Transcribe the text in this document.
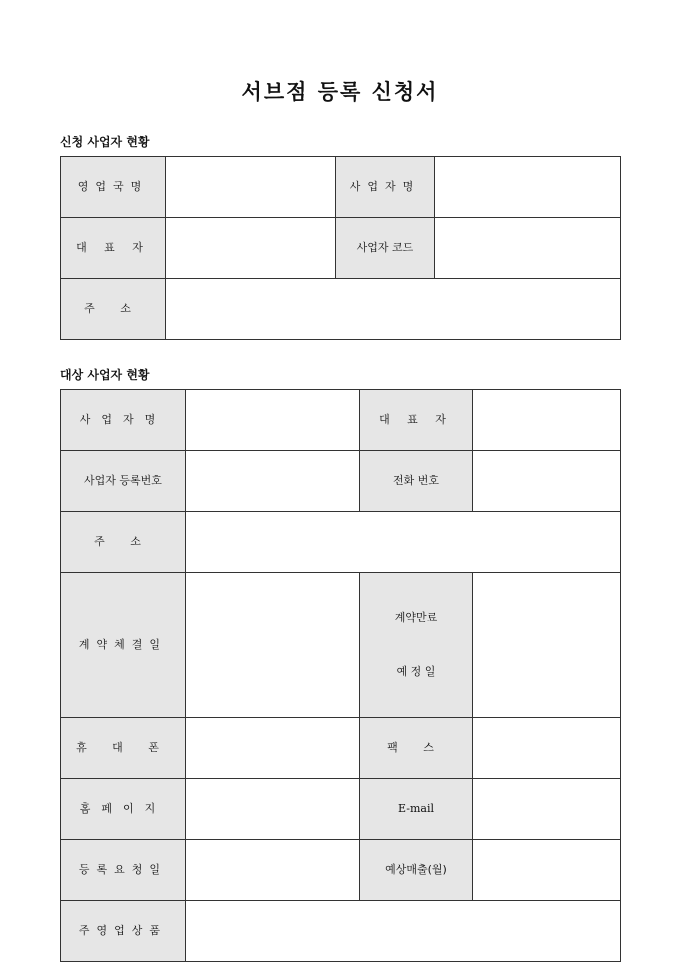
서브점 등록 신청서
신청 사업자 현황
영업국명		사업자명	
대 표 자		사업자 코드	
주 소			
대상 사업자 현황
사업자명		대 표 자	
사업자 등록번호		전화 번호	
주 소			
계약체결일		계약만료

예 정 일	

휴 대 폰		팩 스	
홈페이지		E-mail	
등록요청일		예상매출(월)	
주영업상품			
